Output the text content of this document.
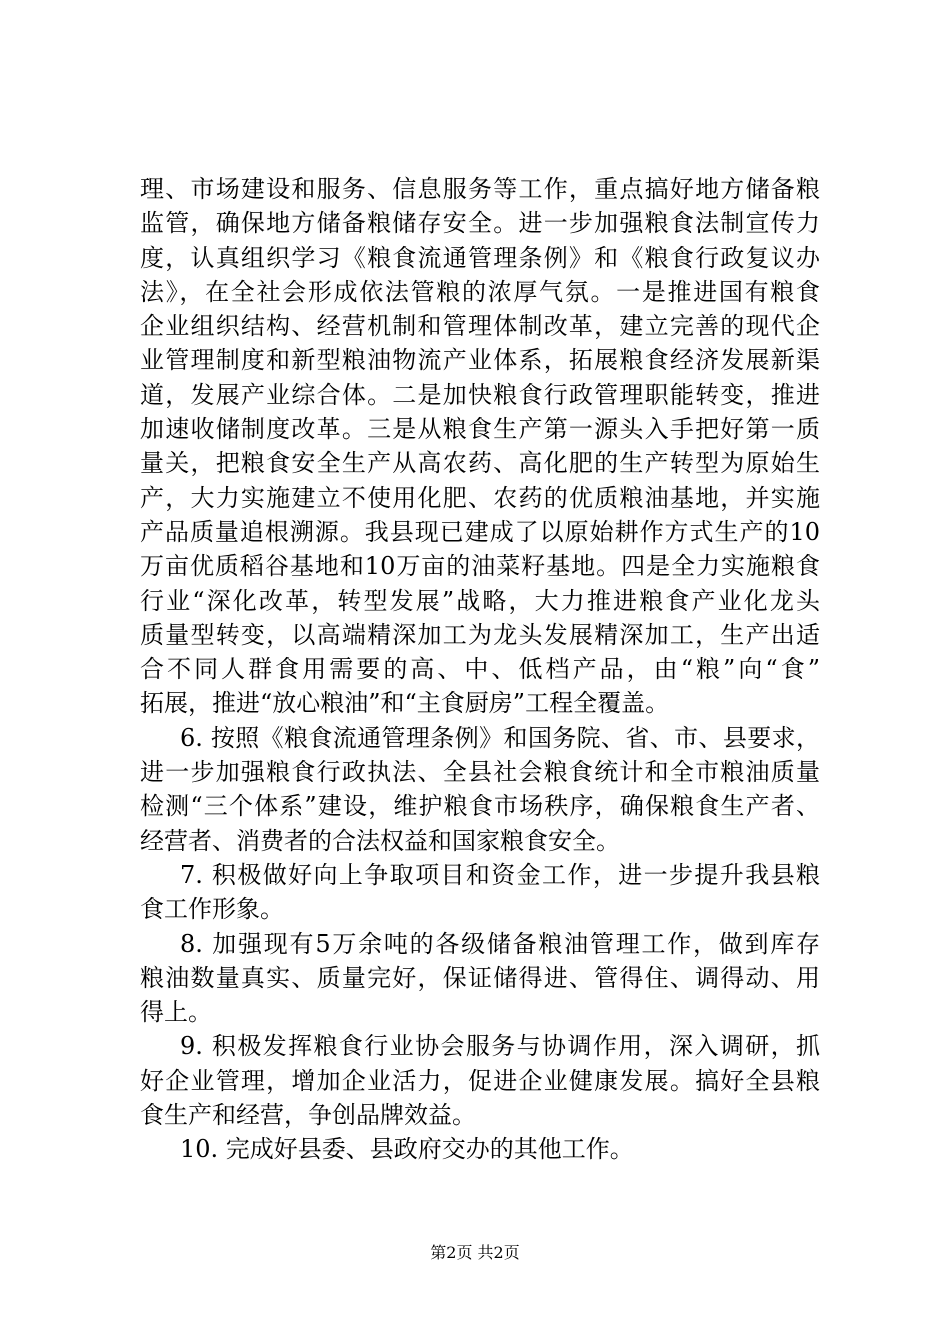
理、市场建设和服务、信息服务等工作，重点搞好地方储备粮
监管，确保地方储备粮储存安全。进一步加强粮食法制宣传力
度，认真组织学习《粮食流通管理条例》和《粮食行政复议办
法》，在全社会形成依法管粮的浓厚气氛。一是推进国有粮食
企业组织结构、经营机制和管理体制改革，建立完善的现代企
业管理制度和新型粮油物流产业体系，拓展粮食经济发展新渠
道，发展产业综合体。二是加快粮食行政管理职能转变，推进
加速收储制度改革。三是从粮食生产第一源头入手把好第一质
量关，把粮食安全生产从高农药、高化肥的生产转型为原始生
产，大力实施建立不使用化肥、农药的优质粮油基地，并实施
产品质量追根溯源。我县现已建成了以原始耕作方式生产的10
万亩优质稻谷基地和10万亩的油菜籽基地。四是全力实施粮食
行业“深化改革，转型发展”战略，大力推进粮食产业化龙头
质量型转变，以高端精深加工为龙头发展精深加工，生产出适
合不同人群食用需要的高、中、低档产品，由“粮”向“食”
拓展，推进“放心粮油”和“主食厨房”工程全覆盖。
6. 按照《粮食流通管理条例》和国务院、省、市、县要求，
进一步加强粮食行政执法、全县社会粮食统计和全市粮油质量
检测“三个体系”建设，维护粮食市场秩序，确保粮食生产者、
经营者、消费者的合法权益和国家粮食安全。
7. 积极做好向上争取项目和资金工作，进一步提升我县粮
食工作形象。
8. 加强现有5万余吨的各级储备粮油管理工作，做到库存
粮油数量真实、质量完好，保证储得进、管得住、调得动、用
得上。
9. 积极发挥粮食行业协会服务与协调作用，深入调研，抓
好企业管理，增加企业活力，促进企业健康发展。搞好全县粮
食生产和经营，争创品牌效益。
10. 完成好县委、县政府交办的其他工作。
第2页 共2页
